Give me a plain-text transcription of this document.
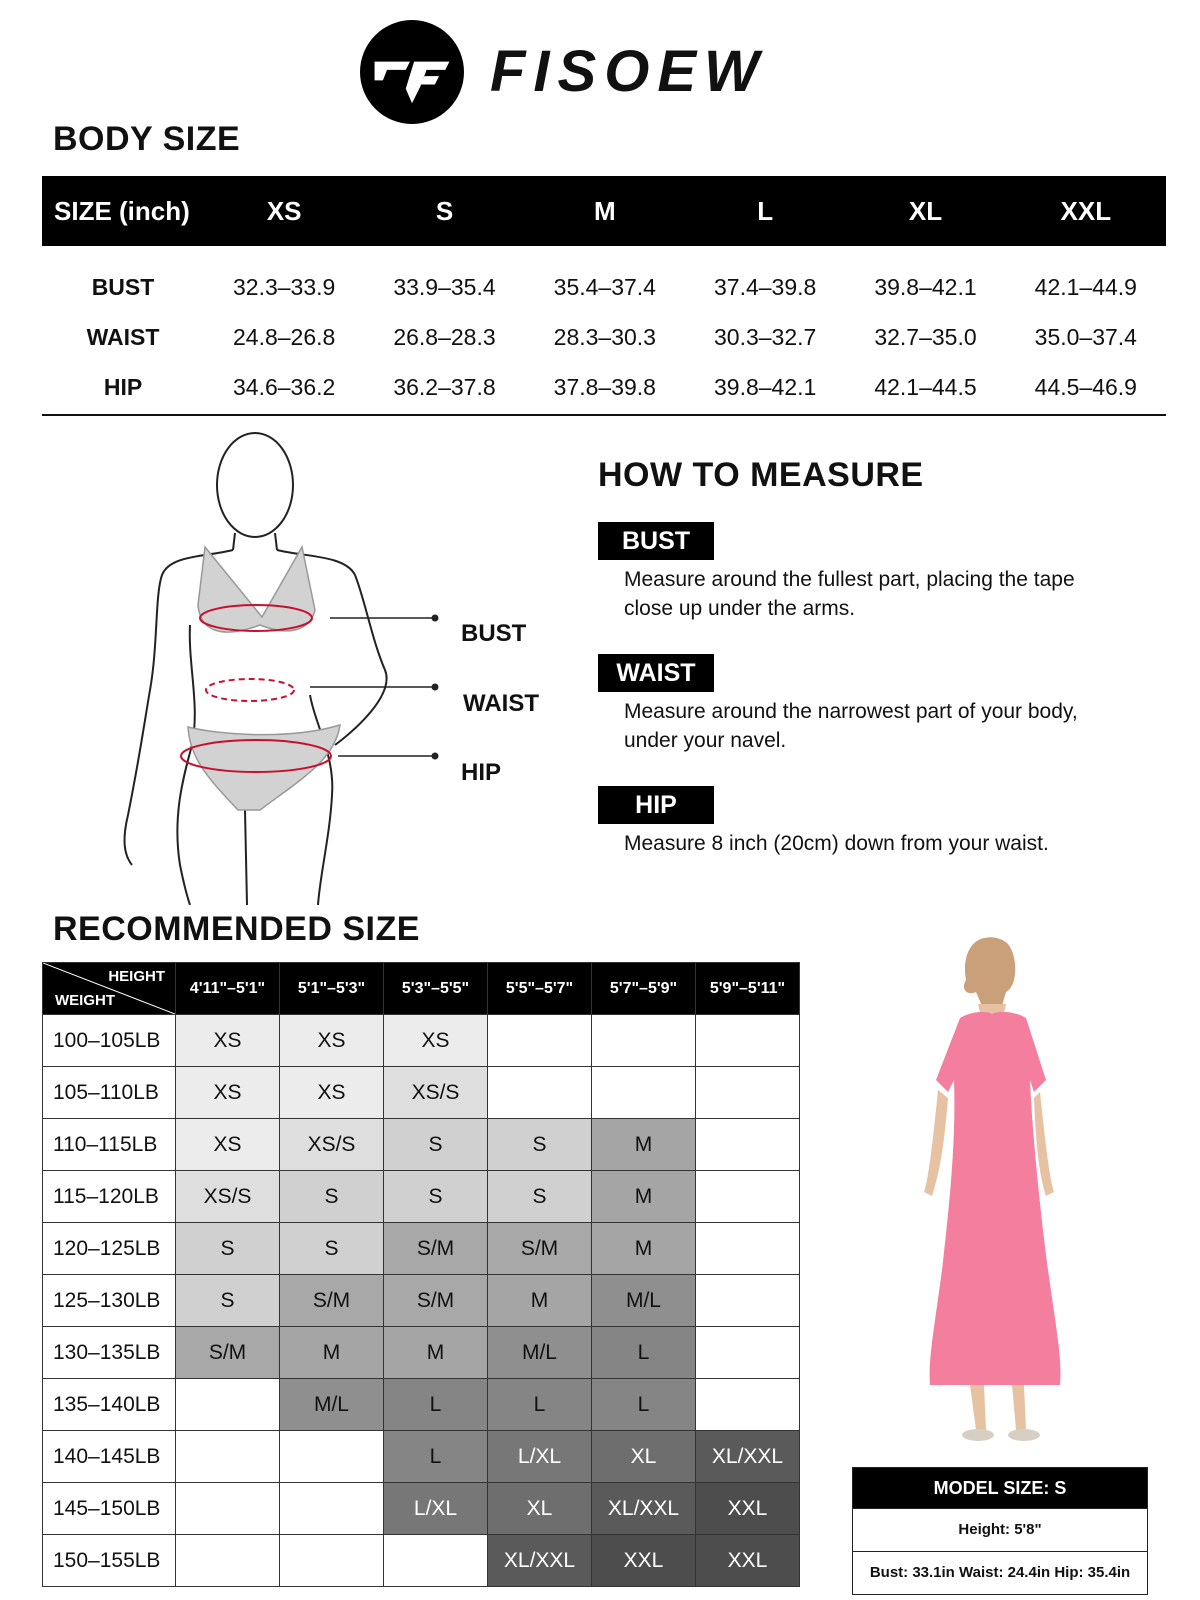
FISOEW
BODY SIZE
SIZE (inch)	XS	S	M	L	XL	XXL
BUST	32.3–33.9	33.9–35.4	35.4–37.4	37.4–39.8	39.8–42.1	42.1–44.9
WAIST	24.8–26.8	26.8–28.3	28.3–30.3	30.3–32.7	32.7–35.0	35.0–37.4
HIP	34.6–36.2	36.2–37.8	37.8–39.8	39.8–42.1	42.1–44.5	44.5–46.9
BUST
WAIST
HIP
HOW TO MEASURE
BUST
Measure around the fullest part, placing the tape
close up under the arms.
WAIST
Measure around the narrowest part of your body,
under your navel.
HIP
Measure 8 inch (20cm) down from your waist.
RECOMMENDED SIZE
HEIGHT
WEIGHT	4'11"–5'1"	5'1"–5'3"	5'3"–5'5"	5'5"–5'7"	5'7"–5'9"	5'9"–5'11"
100–105LB	XS	XS	XS			
105–110LB	XS	XS	XS/S			
110–115LB	XS	XS/S	S	S	M	
115–120LB	XS/S	S	S	S	M	
120–125LB	S	S	S/M	S/M	M	
125–130LB	S	S/M	S/M	M	M/L	
130–135LB	S/M	M	M	M/L	L	
135–140LB		M/L	L	L	L	
140–145LB			L	L/XL	XL	XL/XXL
145–150LB			L/XL	XL	XL/XXL	XXL
150–155LB				XL/XXL	XXL	XXL
MODEL SIZE: S
Height: 5'8"
Bust: 33.1in Waist: 24.4in Hip: 35.4in
